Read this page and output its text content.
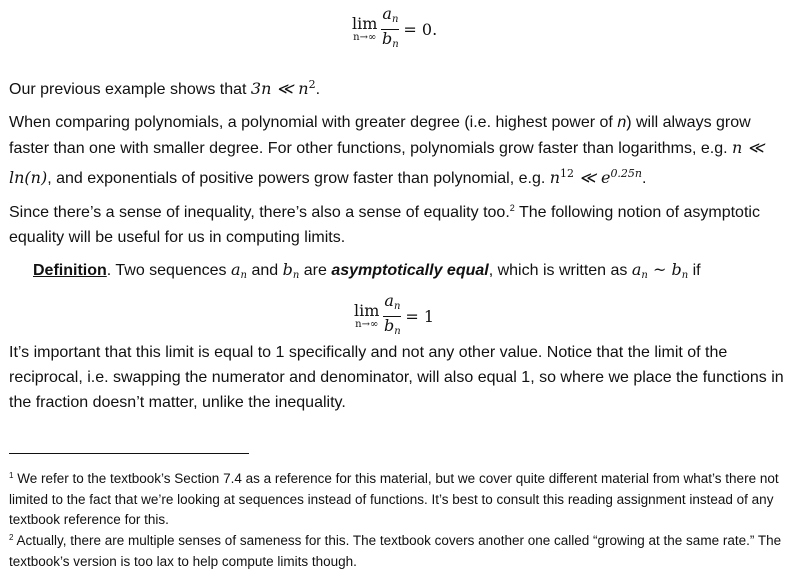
lim
$n\to\infty \frac{a_n}{b_n} = 0$.

Our previous example shows that 3n ≪ $n^2$.

When comparing polynomials, a polynomial with greater degree (i.e. highest power of n) will always grow faster than one with smaller degree. For other functions, polynomials grow faster than logarithms, e.g. n ≪ ln(n), and exponentials of positive powers grow faster than polynomial, e.g. $n^{12}$ ≪ $e^{0.25n}$.

Since there’s a sense of inequality, there’s also a sense of equality too.$^2$ The following notion of asymptotic equality will be useful for us in computing limits.

Definition. Two sequences $a_n$ and $b_n$ are asymptotically equal, which is written as $a_n$ ~ $b_n$ if

lim
$n\to\infty \frac{a_n}{b_n} = 1$

It’s important that this limit is equal to 1 specifically and not any other value. Notice that the limit of the reciprocal, i.e. swapping the numerator and denominator, will also equal 1, so where we place the functions in the fraction doesn’t matter, unlike the inequality.

$^1$ We refer to the textbook’s Section 7.4 as a reference for this material, but we cover quite different material from what’s there not limited to the fact that we’re looking at sequences instead of functions. It’s best to consult this reading assignment instead of any textbook reference for this.

$^2$ Actually, there are multiple senses of sameness for this. The textbook covers another one called “growing at the same rate.” The textbook’s version is too lax to help compute limits though.
